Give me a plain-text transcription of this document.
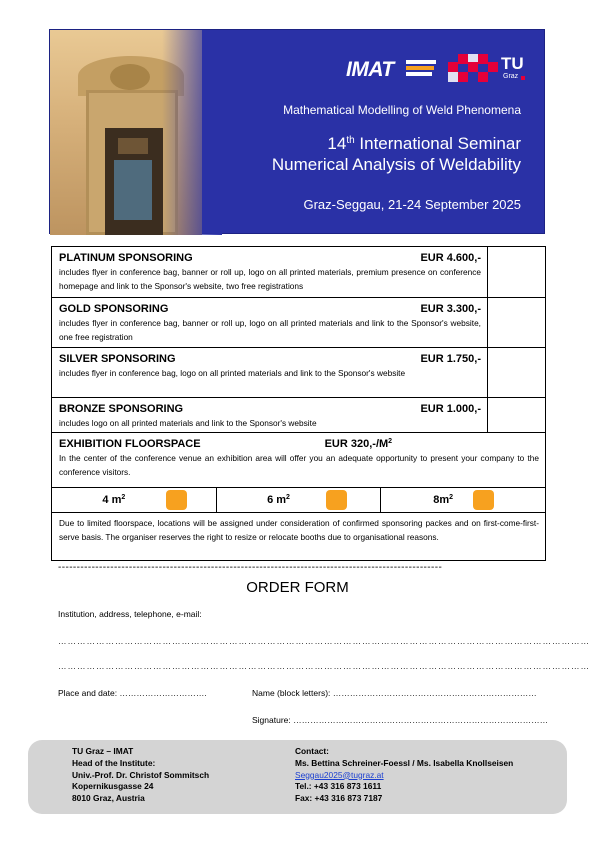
IMAT	TU
Graz
Mathematical Modelling of Weld Phenomena
14th International Seminar
Numerical Analysis of Weldability
Graz-Seggau, 21-24 September 2025
PLATINUM SPONSORING	EUR 4.600,-
includes flyer in conference bag, banner or roll up, logo on all printed materials, premium presence on conference homepage and link to the Sponsor's website, two free registrations
GOLD SPONSORING	EUR 3.300,-
includes flyer in conference bag, banner or roll up, logo on all printed materials and link to the Sponsor's website, one free registration
SILVER SPONSORING	EUR 1.750,-
includes flyer in conference bag, logo on all printed materials and link to the Sponsor's website
BRONZE SPONSORING	EUR 1.000,-
includes logo on all printed materials and link to the Sponsor's website
EXHIBITION FLOORSPACE	EUR $320,-/M^2$
In the center of the conference venue an exhibition area will offer you an adequate opportunity to present your company to the conference visitors.
4 $m^2$	6 $m^2$	$8m^2$
Due to limited floorspace, locations will be assigned under consideration of confirmed sponsoring packes and on first-come-first-serve basis. The organiser reserves the right to resize or relocate booths due to organisational reasons.
-------------------------------------------------------------------------------------------------------
ORDER FORM
Institution, address, telephone, e-mail:
……………………………………………………………………………………………………………………………………………………
……………………………………………………………………………………………………………………………………………………
Place and date: ………………………….	Name (block letters): ………………………………………………………………
Signature: ………………………………………………………………………………
TU Graz – IMAT
Head of the Institute:
Univ.-Prof. Dr. Christof Sommitsch
Kopernikusgasse 24
8010 Graz, Austria
Contact:
Ms. Bettina Schreiner-Foessl / Ms. Isabella Knollseisen
Seggau2025@tugraz.at
Tel.: +43 316 873 1611
Fax: +43 316 873 7187
